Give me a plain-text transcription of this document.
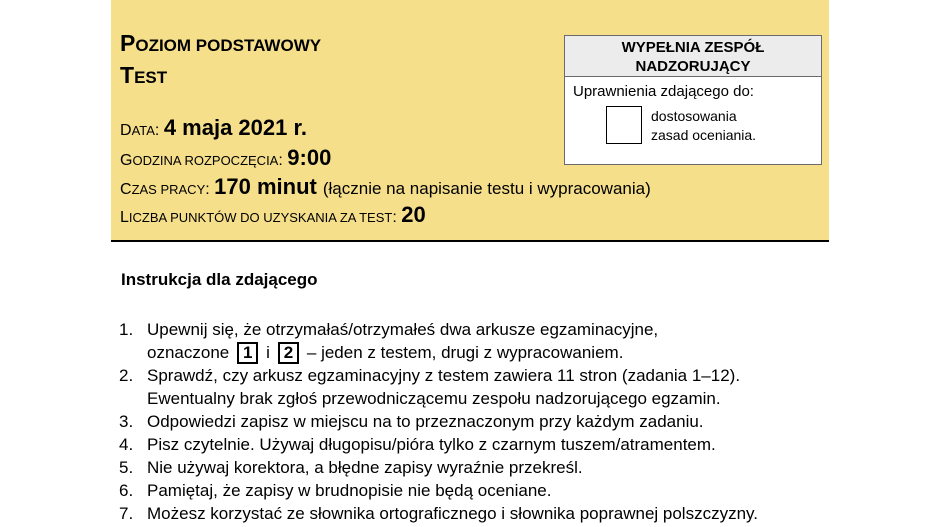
POZIOM PODSTAWOWY
TEST
DATA: 4 maja 2021 r.
GODZINA ROZPOCZĘCIA: 9:00
CZAS PRACY: 170 minut (łącznie na napisanie testu i wypracowania)
LICZBA PUNKTÓW DO UZYSKANIA ZA TEST: 20
WYPEŁNIA ZESPÓŁ
NADZORUJĄCY
Uprawnienia zdającego do:
dostosowania
zasad oceniania.
Instrukcja dla zdającego
1. Upewnij się, że otrzymałaś/otrzymałeś dwa arkusze egzaminacyjne,
oznaczone 1 i 2 – jeden z testem, drugi z wypracowaniem.
2. Sprawdź, czy arkusz egzaminacyjny z testem zawiera 11 stron (zadania 1–12).
Ewentualny brak zgłoś przewodniczącemu zespołu nadzorującego egzamin.
3. Odpowiedzi zapisz w miejscu na to przeznaczonym przy każdym zadaniu.
4. Pisz czytelnie. Używaj długopisu/pióra tylko z czarnym tuszem/atramentem.
5. Nie używaj korektora, a błędne zapisy wyraźnie przekreśl.
6. Pamiętaj, że zapisy w brudnopisie nie będą oceniane.
7. Możesz korzystać ze słownika ortograficznego i słownika poprawnej polszczyzny.
